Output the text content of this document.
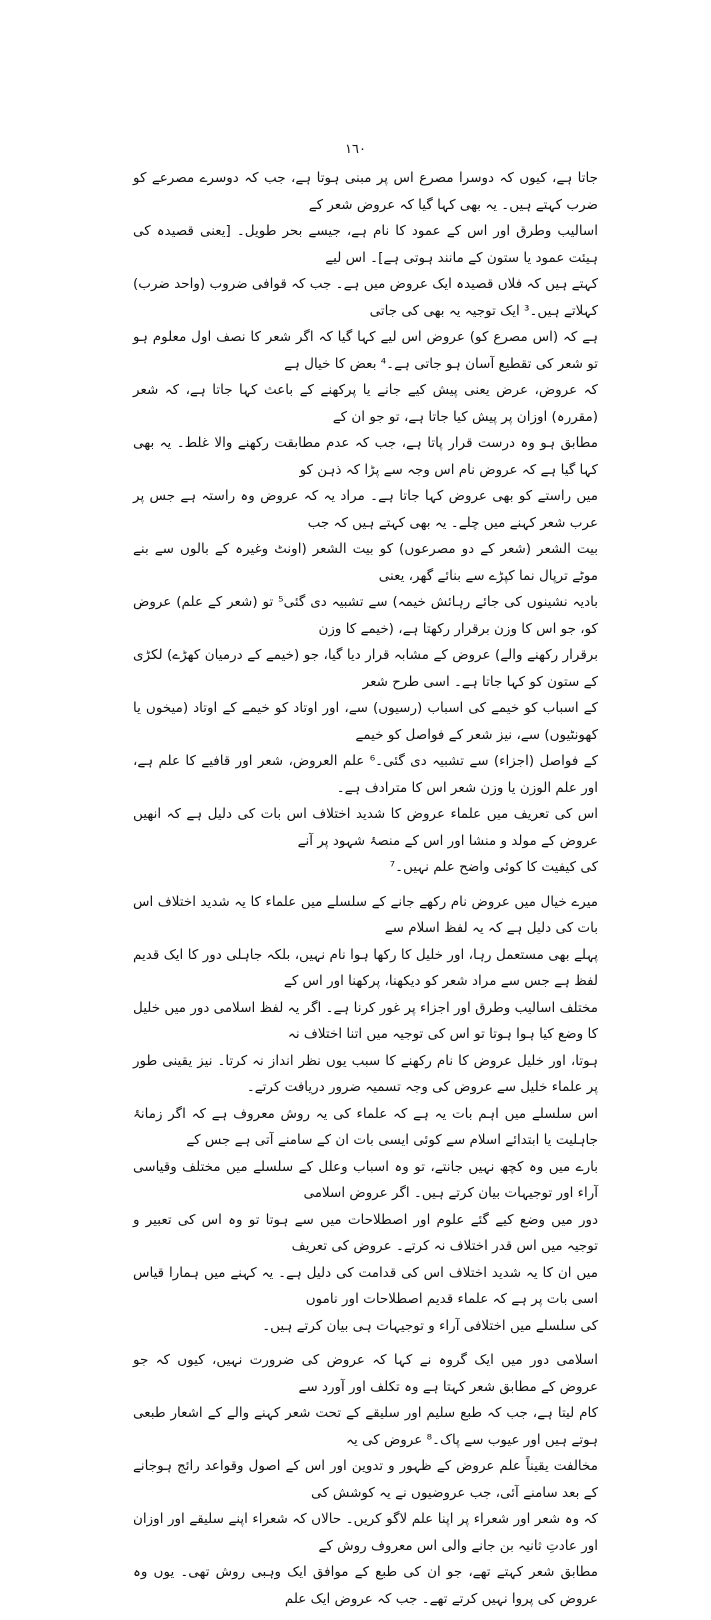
١٦٠

جاتا ہے، کیوں کہ دوسرا مصرع اس پر مبنی ہوتا ہے، جب کہ دوسرے مصرعے کو ضرب کہتے ہیں۔ یہ بھی کہا گیا کہ عروض شعر کے

اسالیب وطرق اور اس کے عمود کا نام ہے، جیسے بحر طویل۔ [یعنی قصیدہ کی ہیئت عمود یا ستون کے مانند ہوتی ہے]۔ اس لیے

کہتے ہیں کہ فلاں قصیدہ ایک عروض میں ہے۔ جب کہ قوافی ضروب (واحد ضرب) کہلاتے ہیں۔³ ایک توجیہ یہ بھی کی جاتی

ہے کہ (اس مصرع کو) عروض اس لیے کہا گیا کہ اگر شعر کا نصف اول معلوم ہو تو شعر کی تقطیع آسان ہو جاتی ہے۔⁴ بعض کا خیال ہے

کہ عروض، عرض یعنی پیش کیے جانے یا پرکھنے کے باعث کہا جاتا ہے، کہ شعر (مقررہ) اوزان پر پیش کیا جاتا ہے، تو جو ان کے

مطابق ہو وہ درست قرار پاتا ہے، جب کہ عدم مطابقت رکھنے والا غلط۔ یہ بھی کہا گیا ہے کہ عروض نام اس وجہ سے پڑا کہ ذہن کو

میں راستے کو بھی عروض کہا جاتا ہے۔ مراد یہ کہ عروض وہ راستہ ہے جس پر عرب شعر کہنے میں چلے۔ یہ بھی کہتے ہیں کہ جب

بیت الشعر (شعر کے دو مصرعوں) کو بیت الشعر (اونٹ وغیرہ کے بالوں سے بنے موٹے ترپال نما کپڑے سے بنائے گھر، یعنی

بادیہ نشینوں کی جائے رہائش خیمہ) سے تشبیہ دی گئی⁵ تو (شعر کے علم) عروض کو، جو اس کا وزن برقرار رکھتا ہے، (خیمے کا وزن

برقرار رکھنے والے) عروض کے مشابہ قرار دیا گیا، جو (خیمے کے درمیان کھڑے) لکڑی کے ستون کو کہا جاتا ہے۔ اسی طرح شعر

کے اسباب کو خیمے کی اسباب (رسیوں) سے، اور اوتاد کو خیمے کے اوتاد (میخوں یا کھونٹیوں) سے، نیز شعر کے فواصل کو خیمے

کے فواصل (اجزاء) سے تشبیہ دی گئی۔⁶ علم العروض، شعر اور قافیے کا علم ہے، اور علم الوزن یا وزن شعر اس کا مترادف ہے۔

اس کی تعریف میں علماء عروض کا شدید اختلاف اس بات کی دلیل ہے کہ انھیں عروض کے مولد و منشا اور اس کے منصۂ شہود پر آنے

کی کیفیت کا کوئی واضح علم نہیں۔⁷

میرے خیال میں عروض نام رکھے جانے کے سلسلے میں علماء کا یہ شدید اختلاف اس بات کی دلیل ہے کہ یہ لفظ اسلام سے

پہلے بھی مستعمل رہا، اور خلیل کا رکھا ہوا نام نہیں، بلکہ جاہلی دور کا ایک قدیم لفظ ہے جس سے مراد شعر کو دیکھنا، پرکھنا اور اس کے

مختلف اسالیب وطرق اور اجزاء پر غور کرنا ہے۔ اگر یہ لفظ اسلامی دور میں خلیل کا وضع کیا ہوا ہوتا تو اس کی توجیہ میں اتنا اختلاف نہ

ہوتا، اور خلیل عروض کا نام رکھنے کا سبب یوں نظر انداز نہ کرتا۔ نیز یقینی طور پر علماء خلیل سے عروض کی وجہ تسمیہ ضرور دریافت کرتے۔

اس سلسلے میں اہم بات یہ ہے کہ علماء کی یہ روش معروف ہے کہ اگر زمانۂ جاہلیت یا ابتدائے اسلام سے کوئی ایسی بات ان کے سامنے آتی ہے جس کے

بارے میں وہ کچھ نہیں جانتے، تو وہ اسباب وعلل کے سلسلے میں مختلف وقیاسی آراء اور توجیہات بیان کرتے ہیں۔ اگر عروض اسلامی

دور میں وضع کیے گئے علوم اور اصطلاحات میں سے ہوتا تو وہ اس کی تعبیر و توجیہ میں اس قدر اختلاف نہ کرتے۔ عروض کی تعریف

میں ان کا یہ شدید اختلاف اس کی قدامت کی دلیل ہے۔ یہ کہنے میں ہمارا قیاس اسی بات پر ہے کہ علماء قدیم اصطلاحات اور ناموں

کی سلسلے میں اختلافی آراء و توجیہات ہی بیان کرتے ہیں۔

اسلامی دور میں ایک گروہ نے کہا کہ عروض کی ضرورت نہیں، کیوں کہ جو عروض کے مطابق شعر کہتا ہے وہ تکلف اور آورد سے

کام لیتا ہے، جب کہ طبع سلیم اور سلیقے کے تحت شعر کہنے والے کے اشعار طبعی ہوتے ہیں اور عیوب سے پاک۔⁸ عروض کی یہ

مخالفت یقیناً علم عروض کے ظہور و تدوین اور اس کے اصول وقواعد رائج ہوجانے کے بعد سامنے آئی، جب عروضیوں نے یہ کوشش کی

کہ وہ شعر اور شعراء پر اپنا علم لاگو کریں۔ حالاں کہ شعراء اپنے سلیقے اور اوزان اور عادتِ ثانیہ بن جانے والی اس معروف روش کے

مطابق شعر کہتے تھے، جو ان کی طبع کے موافق ایک وہبی روش تھی۔ یوں وہ عروض کی پروا نہیں کرتے تھے۔ جب کہ عروض ایک علم
